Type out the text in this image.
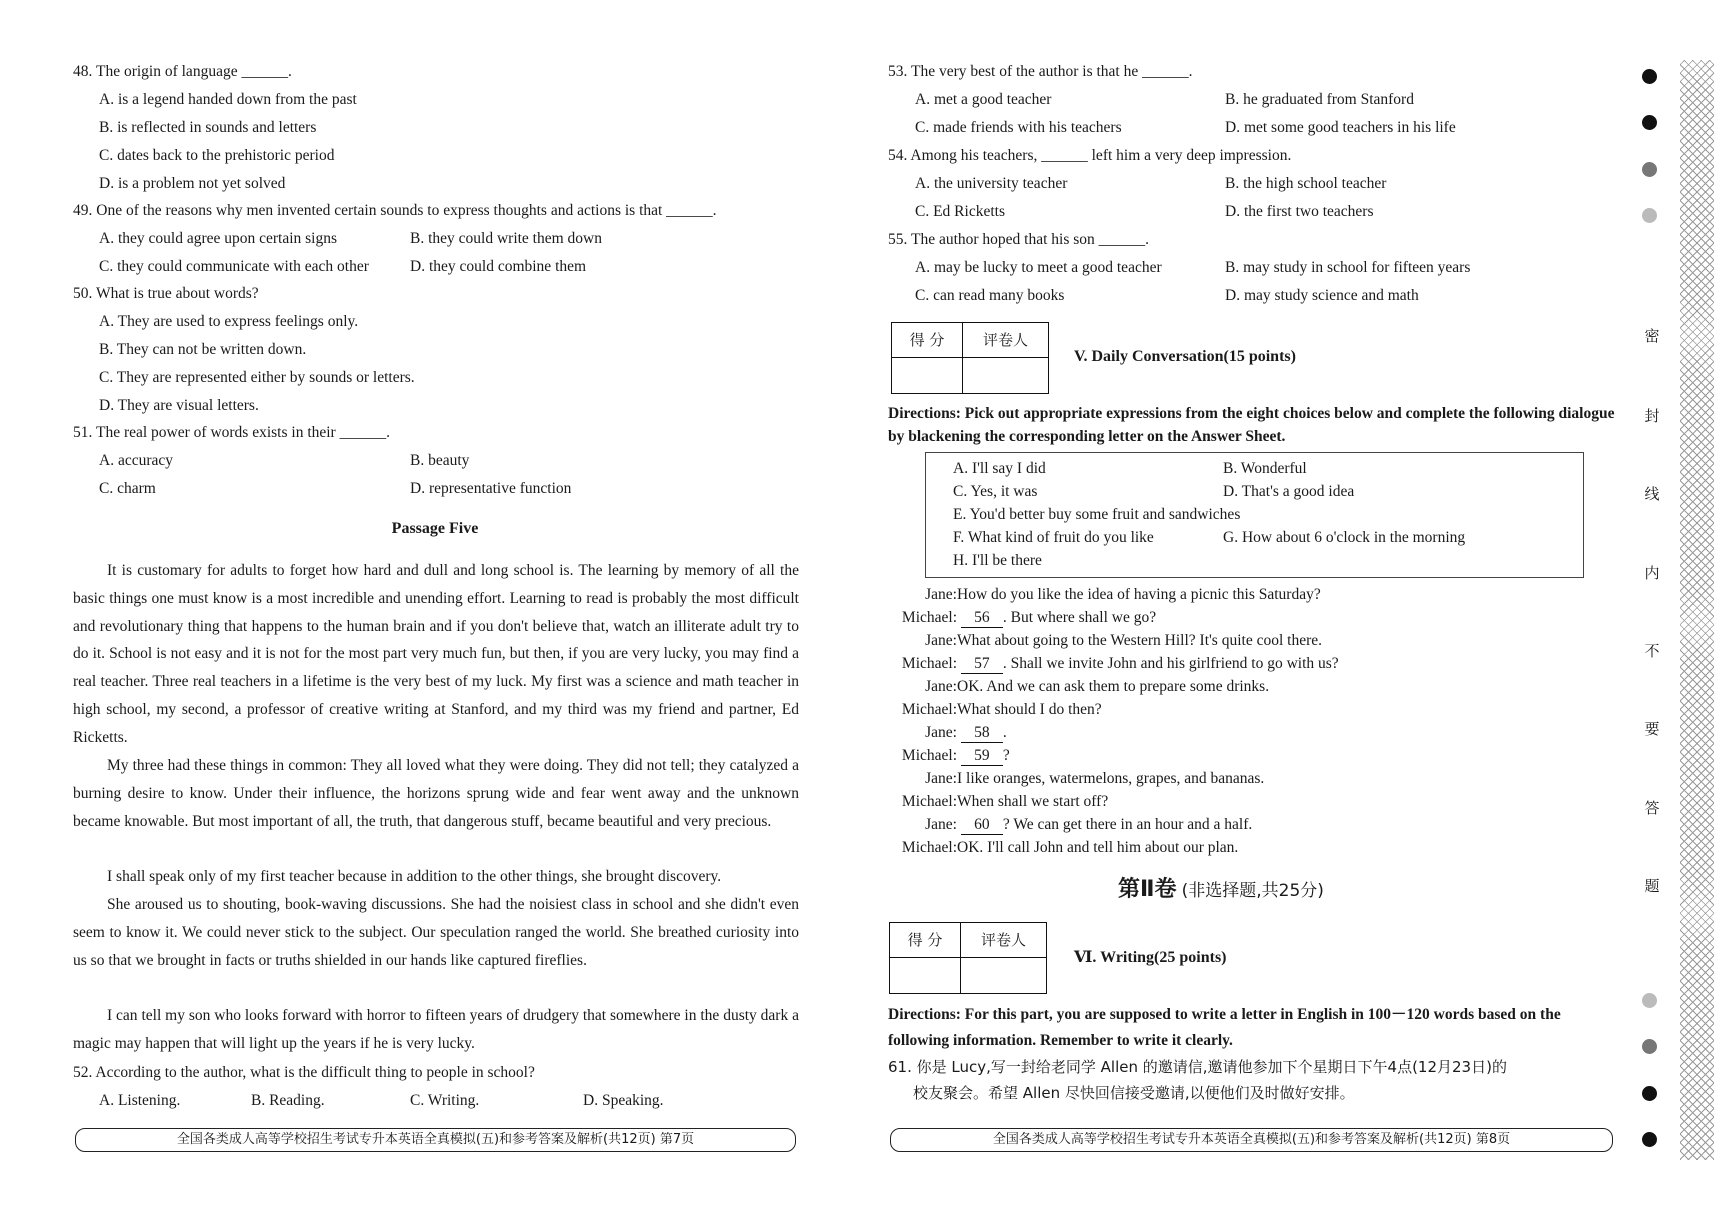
48. The origin of language ______.
A. is a legend handed down from the past
B. is reflected in sounds and letters
C. dates back to the prehistoric period
D. is a problem not yet solved
49. One of the reasons why men invented certain sounds to express thoughts and actions is that ______.
A. they could agree upon certain signs	B. they could write them down
C. they could communicate with each other	D. they could combine them
50. What is true about words?
A. They are used to express feelings only.
B. They can not be written down.
C. They are represented either by sounds or letters.
D. They are visual letters.
51. The real power of words exists in their ______.
A. accuracy	B. beauty
C. charm	D. representative function
Passage Five

It is customary for adults to forget how hard and dull and long school is. The learning by memory of all the basic things one must know is a most incredible and unending effort. Learning to read is probably the most difficult and revolutionary thing that happens to the human brain and if you don't believe that, watch an illiterate adult try to do it. School is not easy and it is not for the most part very much fun, but then, if you are very lucky, you may find a real teacher. Three real teachers in a lifetime is the very best of my luck. My first was a science and math teacher in high school, my second, a professor of creative writing at Stanford, and my third was my friend and partner, Ed Ricketts.

My three had these things in common: They all loved what they were doing. They did not tell; they catalyzed a burning desire to know. Under their influence, the horizons sprung wide and fear went away and the unknown became knowable. But most important of all, the truth, that dangerous stuff, became beautiful and very precious.

I shall speak only of my first teacher because in addition to the other things, she brought discovery.

She aroused us to shouting, book-waving discussions. She had the noisiest class in school and she didn't even seem to know it. We could never stick to the subject. Our speculation ranged the world. She breathed curiosity into us so that we brought in facts or truths shielded in our hands like captured fireflies.

I can tell my son who looks forward with horror to fifteen years of drudgery that somewhere in the dusty dark a magic may happen that will light up the years if he is very lucky.

52. According to the author, what is the difficult thing to people in school?
A. Listening.	B. Reading.	C. Writing.	D. Speaking.
全国各类成人高等学校招生考试专升本英语全真模拟(五)和参考答案及解析(共12页) 第7页
53. The very best of the author is that he ______.
A. met a good teacher	B. he graduated from Stanford
C. made friends with his teachers	D. met some good teachers in his life
54. Among his teachers, ______ left him a very deep impression.
A. the university teacher	B. the high school teacher
C. Ed Ricketts	D. the first two teachers
55. The author hoped that his son ______.
A. may be lucky to meet a good teacher	B. may study in school for fifteen years
C. can read many books	D. may study science and math
得 分	评卷人
V. Daily Conversation(15 points)
Directions: Pick out appropriate expressions from the eight choices below and complete the following dialogue by blackening the corresponding letter on the Answer Sheet.
A. I'll say I did	B. Wonderful
C. Yes, it was	D. That's a good idea
E. You'd better buy some fruit and sandwiches
F. What kind of fruit do you like	G. How about 6 o'clock in the morning
H. I'll be there
Jane:How do you like the idea of having a picnic this Saturday?
Michael: 56 . But where shall we go?
Jane:What about going to the Western Hill? It's quite cool there.
Michael: 57 . Shall we invite John and his girlfriend to go with us?
Jane:OK. And we can ask them to prepare some drinks.
Michael:What should I do then?
Jane: 58 .
Michael: 59 ?
Jane:I like oranges, watermelons, grapes, and bananas.
Michael:When shall we start off?
Jane: 60 ? We can get there in an hour and a half.
Michael:OK. I'll call John and tell him about our plan.
第Ⅱ卷 (非选择题,共25分)
得 分	评卷人
Ⅵ. Writing(25 points)
Directions: For this part, you are supposed to write a letter in English in 100－120 words based on the following information. Remember to write it clearly.
61. 你是 Lucy,写一封给老同学 Allen 的邀请信,邀请他参加下个星期日下午4点(12月23日)的
校友聚会。希望 Allen 尽快回信接受邀请,以便他们及时做好安排。
全国各类成人高等学校招生考试专升本英语全真模拟(五)和参考答案及解析(共12页) 第8页
密
封
线
内
不
要
答
题
